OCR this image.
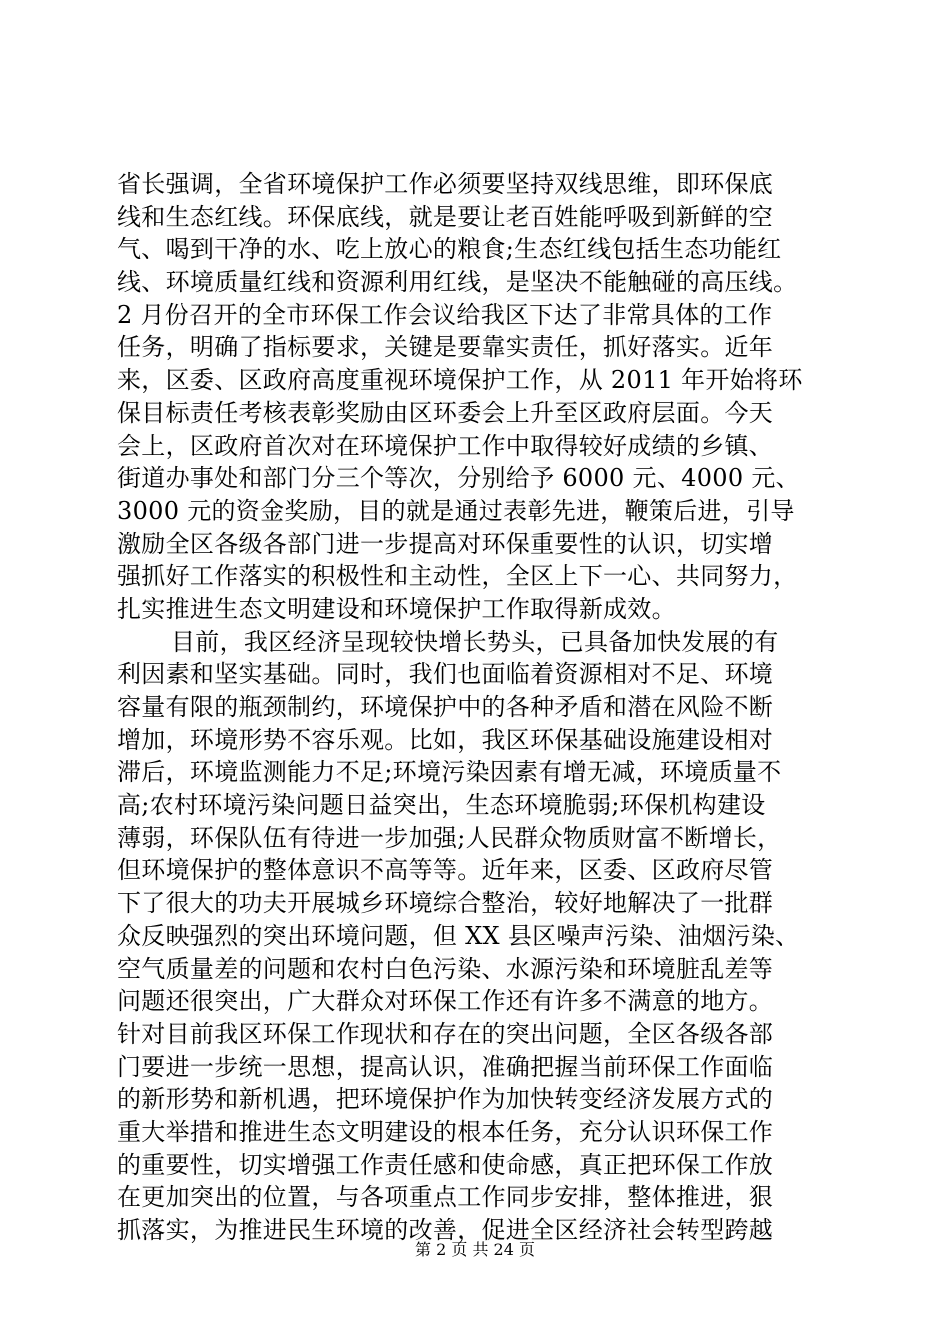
省长强调，全省环境保护工作必须要坚持双线思维，即环保底
线和生态红线。环保底线，就是要让老百姓能呼吸到新鲜的空
气、喝到干净的水、吃上放心的粮食;生态红线包括生态功能红
线、环境质量红线和资源利用红线，是坚决不能触碰的高压线。
2 月份召开的全市环保工作会议给我区下达了非常具体的工作
任务，明确了指标要求，关键是要靠实责任，抓好落实。近年
来，区委、区政府高度重视环境保护工作，从 2011 年开始将环
保目标责任考核表彰奖励由区环委会上升至区政府层面。今天
会上，区政府首次对在环境保护工作中取得较好成绩的乡镇、
街道办事处和部门分三个等次，分别给予 6000 元、4000 元、
3000 元的资金奖励，目的就是通过表彰先进，鞭策后进，引导
激励全区各级各部门进一步提高对环保重要性的认识，切实增
强抓好工作落实的积极性和主动性，全区上下一心、共同努力，
扎实推进生态文明建设和环境保护工作取得新成效。
目前，我区经济呈现较快增长势头，已具备加快发展的有
利因素和坚实基础。同时，我们也面临着资源相对不足、环境
容量有限的瓶颈制约，环境保护中的各种矛盾和潜在风险不断
增加，环境形势不容乐观。比如，我区环保基础设施建设相对
滞后，环境监测能力不足;环境污染因素有增无减，环境质量不
高;农村环境污染问题日益突出，生态环境脆弱;环保机构建设
薄弱，环保队伍有待进一步加强;人民群众物质财富不断增长，
但环境保护的整体意识不高等等。近年来，区委、区政府尽管
下了很大的功夫开展城乡环境综合整治，较好地解决了一批群
众反映强烈的突出环境问题，但 XX 县区噪声污染、油烟污染、
空气质量差的问题和农村白色污染、水源污染和环境脏乱差等
问题还很突出，广大群众对环保工作还有许多不满意的地方。
针对目前我区环保工作现状和存在的突出问题，全区各级各部
门要进一步统一思想，提高认识，准确把握当前环保工作面临
的新形势和新机遇，把环境保护作为加快转变经济发展方式的
重大举措和推进生态文明建设的根本任务，充分认识环保工作
的重要性，切实增强工作责任感和使命感，真正把环保工作放
在更加突出的位置，与各项重点工作同步安排，整体推进，狠
抓落实，为推进民生环境的改善，促进全区经济社会转型跨越
第 2 页 共 24 页
